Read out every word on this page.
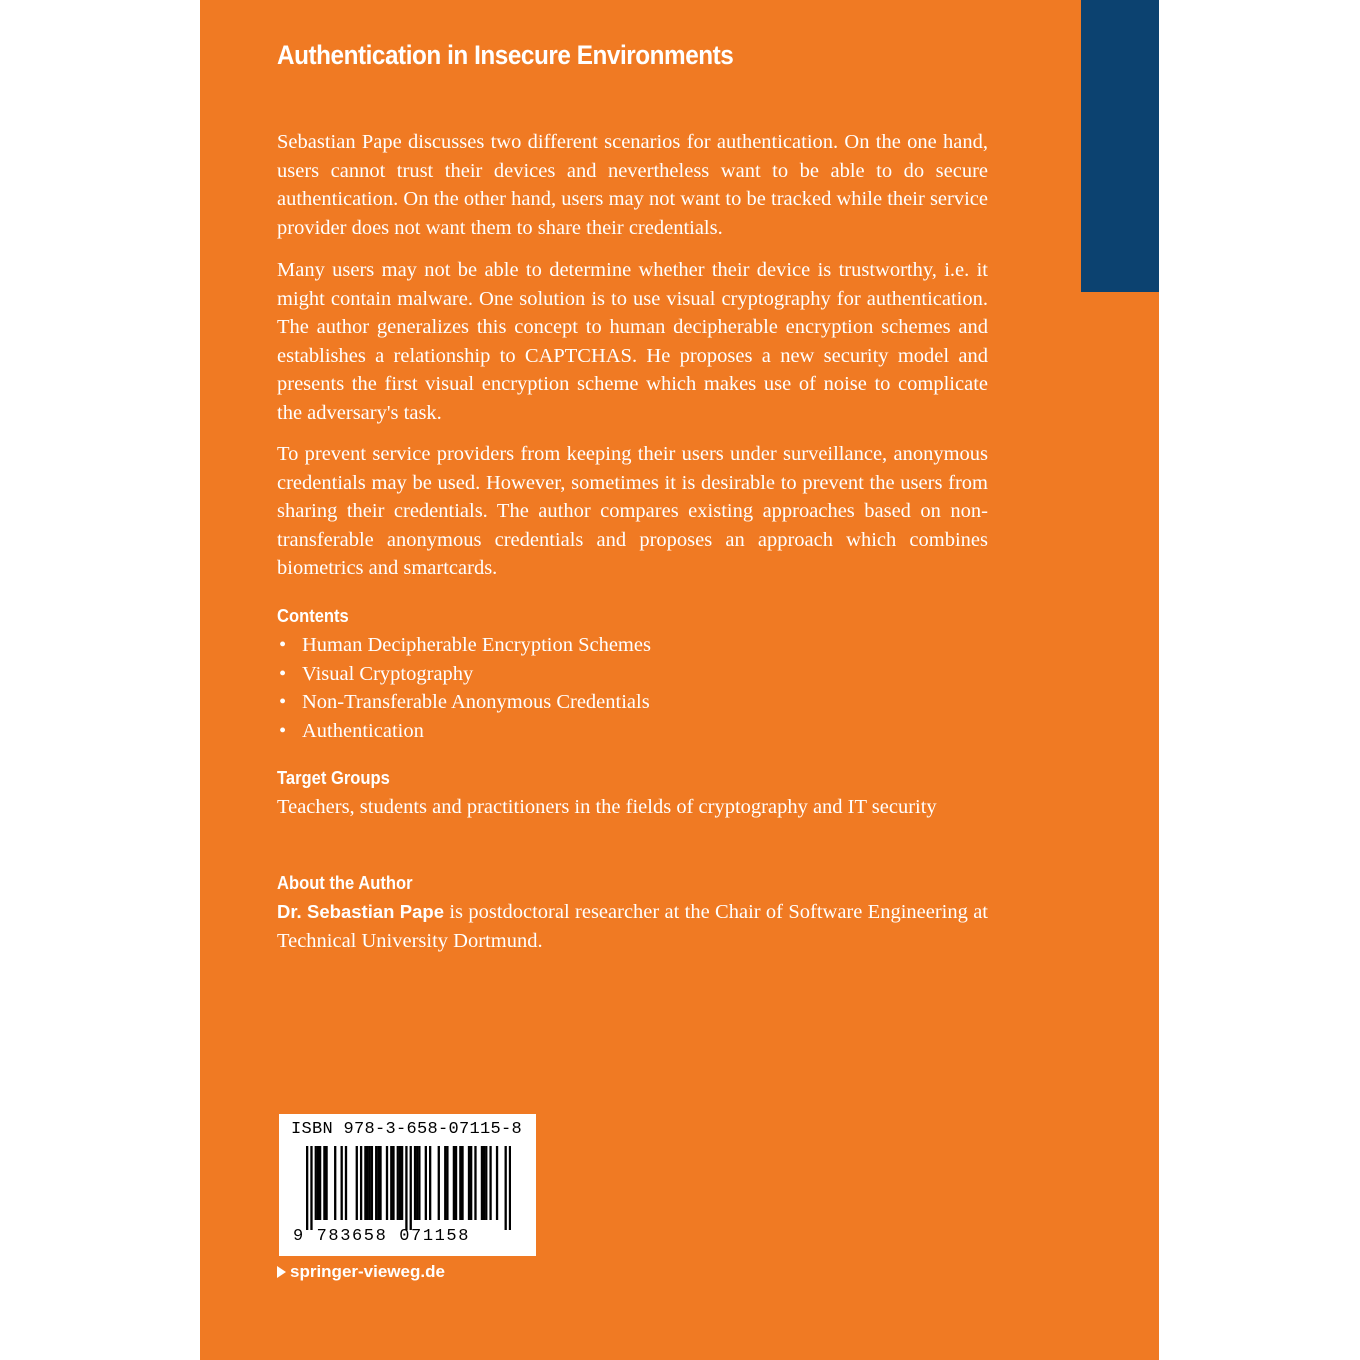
Authentication in Insecure Environments

Sebastian Pape discusses two different scenarios for authentication. On the one hand, users cannot trust their devices and nevertheless want to be able to do secure authentication. On the other hand, users may not want to be tracked while their service provider does not want them to share their credentials.

Many users may not be able to determine whether their device is trustworthy, i.e. it might contain malware. One solution is to use visual cryptography for authentication. The author generalizes this concept to human decipherable encryption schemes and establishes a relationship to CAPTCHAS. He proposes a new security model and presents the first visual encryption scheme which makes use of noise to complicate the adversary's task.

To prevent service providers from keeping their users under surveillance, anonymous credentials may be used. However, sometimes it is desirable to prevent the users from sharing their credentials. The author compares existing approaches based on non-transferable anonymous credentials and proposes an approach which combines biometrics and smartcards.

Contents
• Human Decipherable Encryption Schemes
• Visual Cryptography
• Non-Transferable Anonymous Credentials
• Authentication
Target Groups

Teachers, students and practitioners in the fields of cryptography and IT security

About the Author

Dr. Sebastian Pape is postdoctoral researcher at the Chair of Software Engineering at Technical University Dortmund.

ISBN 978-3-658-07115-8
9 783658 071158
springer-vieweg.de
